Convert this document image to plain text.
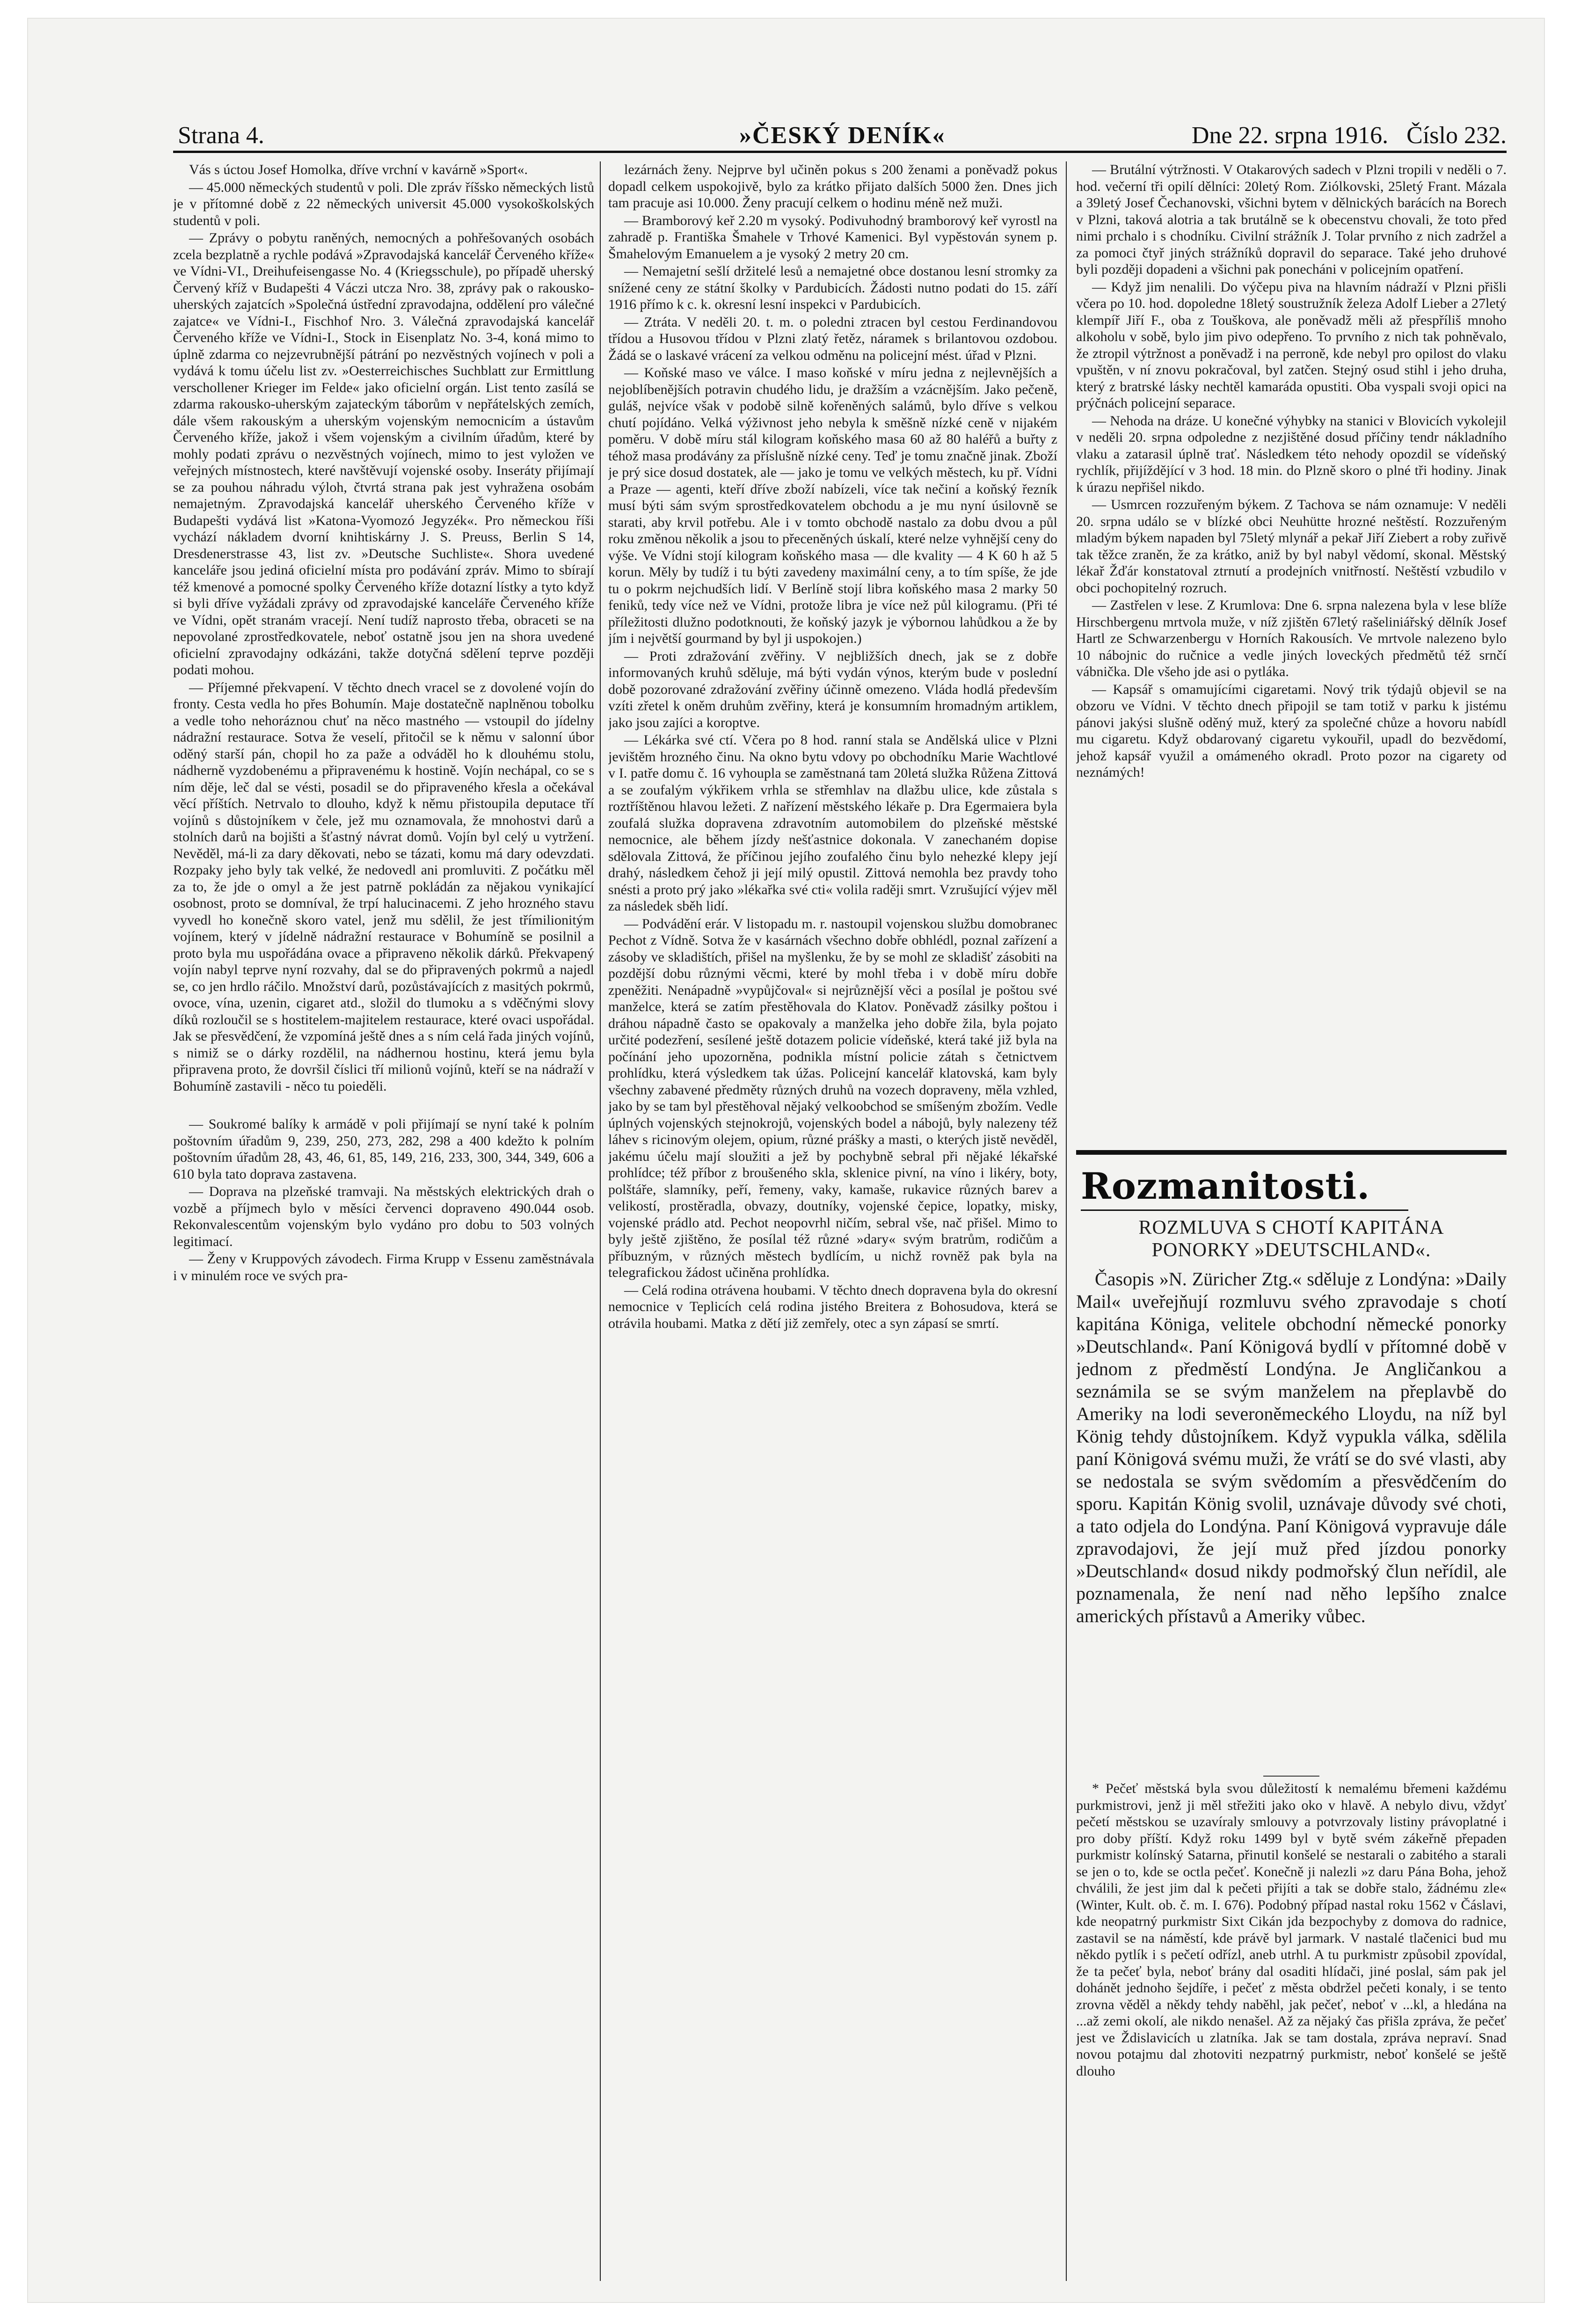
Strana 4.	»ČESKÝ DENÍK«	Dne 22. srpna 1916. Číslo 232.

Vás s úctou Josef Homolka, dříve vrchní v kavárně »Sport«.

— 45.000 německých studentů v poli. Dle zpráv říšsko německých listů je v přítomné době z 22 německých universit 45.000 vysokoškolských studentů v poli.

— Zprávy o pobytu raněných, nemocných a pohřešovaných osobách zcela bezplatně a rychle podává »Zpravodajská kancelář Červeného kříže« ve Vídni-VI., Dreihufeisengasse No. 4 (Kriegsschule), po případě uherský Červený kříž v Budapešti 4 Váczi utcza Nro. 38, zprávy pak o rakousko-uherských zajatcích »Společná ústřední zpravodajna, oddělení pro válečné zajatce« ve Vídni-I., Fischhof Nro. 3. Válečná zpravodajská kancelář Červeného kříže ve Vídni-I., Stock in Eisenplatz No. 3-4, koná mimo to úplně zdarma co nejzevrubnější pátrání po nezvěstných vojínech v poli a vydává k tomu účelu list zv. »Oesterreichisches Suchblatt zur Ermittlung verschollener Krieger im Felde« jako oficielní orgán. List tento zasílá se zdarma rakousko-uherským zajateckým táborům v nepřátelských zemích, dále všem rakouským a uherským vojenským nemocnicím a ústavům Červeného kříže, jakož i všem vojenským a civilním úřadům, které by mohly podati zprávu o nezvěstných vojínech, mimo to jest vyložen ve veřejných místnostech, které navštěvují vojenské osoby. Inseráty přijímají se za pouhou náhradu výloh, čtvrtá strana pak jest vyhražena osobám nemajetným. Zpravodajská kancelář uherského Červeného kříže v Budapešti vydává list »Katona-Vyomozó Jegyzék«. Pro německou říši vychází nákladem dvorní knihtiskárny J. S. Preuss, Berlin S 14, Dresdenerstrasse 43, list zv. »Deutsche Suchliste«. Shora uvedené kanceláře jsou jediná oficielní místa pro podávání zpráv. Mimo to sbírají též kmenové a pomocné spolky Červeného kříže dotazní lístky a tyto když si byli dříve vyžádali zprávy od zpravodajské kanceláře Červeného kříže ve Vídni, opět stranám vracejí. Není tudíž naprosto třeba, obraceti se na nepovolané zprostředkovatele, neboť ostatně jsou jen na shora uvedené oficielní zpravodajny odkázáni, takže dotyčná sdělení teprve později podati mohou.

— Příjemné překvapení. V těchto dnech vracel se z dovolené vojín do fronty. Cesta vedla ho přes Bohumín. Maje dostatečně naplněnou tobolku a vedle toho nehoráznou chuť na něco mastného — vstoupil do jídelny nádražní restaurace. Sotva že veselí, přitočil se k němu v salonní úbor oděný starší pán, chopil ho za paže a odváděl ho k dlouhému stolu, nádherně vyzdobenému a připravenému k hostině. Vojín nechápal, co se s ním děje, leč dal se vésti, posadil se do připraveného křesla a očekával věcí příštích. Netrvalo to dlouho, když k němu přistoupila deputace tří vojínů s důstojníkem v čele, jež mu oznamovala, že mnohostvi darů a stolních darů na bojišti a šťastný návrat domů. Vojín byl celý u vytržení. Nevěděl, má-li za dary děkovati, nebo se tázati, komu má dary odevzdati. Rozpaky jeho byly tak velké, že nedovedl ani promluviti. Z počátku měl za to, že jde o omyl a že jest patrně pokládán za nějakou vynikající osobnost, proto se domníval, že trpí halucinacemi. Z jeho hrozného stavu vyvedl ho konečně skoro vatel, jenž mu sdělil, že jest třímilionitým vojínem, který v jídelně nádražní restaurace v Bohumíně se posilnil a proto byla mu uspořádána ovace a připraveno několik dárků. Překvapený vojín nabyl teprve nyní rozvahy, dal se do připravených pokrmů a najedl se, co jen hrdlo ráčilo. Množství darů, pozůstávajících z masitých pokrmů, ovoce, vína, uzenin, cigaret atd., složil do tlumoku a s vděčnými slovy díků rozloučil se s hostitelem-majitelem restaurace, které ovaci uspořádal. Jak se přesvědčení, že vzpomíná ještě dnes a s ním celá řada jiných vojínů, s nimiž se o dárky rozdělil, na nádhernou hostinu, která jemu byla připravena proto, že dovršil číslici tří milionů vojínů, kteří se na nádraží v Bohumíně zastavili - něco tu poieděli.

— Soukromé balíky k armádě v poli přijímají se nyní také k polním poštovním úřadům 9, 239, 250, 273, 282, 298 a 400 kdežto k polním poštovním úřadům 28, 43, 46, 61, 85, 149, 216, 233, 300, 344, 349, 606 a 610 byla tato doprava zastavena.

— Doprava na plzeňské tramvaji. Na městských elektrických drah o vozbě a příjmech bylo v měsíci červenci dopraveno 490.044 osob. Rekonvalescentům vojenským bylo vydáno pro dobu to 503 volných legitimací.

— Ženy v Kruppových závodech. Firma Krupp v Essenu zaměstnávala i v minulém roce ve svých pra-

lezárnách ženy. Nejprve byl učiněn pokus s 200 ženami a poněvadž pokus dopadl celkem uspokojivě, bylo za krátko přijato dalších 5000 žen. Dnes jich tam pracuje asi 10.000. Ženy pracují celkem o hodinu méně než muži.

— Bramborový keř 2.20 m vysoký. Podivuhodný bramborový keř vyrostl na zahradě p. Františka Šmahele v Trhové Kamenici. Byl vypěstován synem p. Šmahelovým Emanuelem a je vysoký 2 metry 20 cm.

— Nemajetní sešlí držitelé lesů a nemajetné obce dostanou lesní stromky za snížené ceny ze státní školky v Pardubicích. Žádosti nutno podati do 15. září 1916 přímo k c. k. okresní lesní inspekci v Pardubicích.

— Ztráta. V neděli 20. t. m. o poledni ztracen byl cestou Ferdinandovou třídou a Husovou třídou v Plzni zlatý řetěz, náramek s brilantovou ozdobou. Žádá se o laskavé vrácení za velkou odměnu na policejní mést. úřad v Plzni.

— Koňské maso ve válce. I maso koňské v míru jedna z nejlevnějších a nejoblíbenějších potravin chudého lidu, je dražším a vzácnějším. Jako pečeně, guláš, nejvíce však v podobě silně kořeněných salámů, bylo dříve s velkou chutí pojídáno. Velká výživnost jeho nebyla k směšně nízké ceně v nijakém poměru. V době míru stál kilogram koňského masa 60 až 80 haléřů a buřty z téhož masa prodávány za příslušně nízké ceny. Teď je tomu značně jinak. Zboží je prý sice dosud dostatek, ale — jako je tomu ve velkých městech, ku př. Vídni a Praze — agenti, kteří dříve zboží nabízeli, více tak nečiní a koňský řezník musí býti sám svým sprostředkovatelem obchodu a je mu nyní úsilovně se starati, aby krvil potřebu. Ale i v tomto obchodě nastalo za dobu dvou a půl roku změnou několik a jsou to přeceněných úskalí, které nelze vyhnější ceny do výše. Ve Vídni stojí kilogram koňského masa — dle kvality — 4 K 60 h až 5 korun. Měly by tudíž i tu býti zavedeny maximální ceny, a to tím spíše, že jde tu o pokrm nejchudších lidí. V Berlíně stojí libra koňského masa 2 marky 50 feniků, tedy více než ve Vídni, protože libra je více než půl kilogramu. (Při té příležitosti dlužno podotknouti, že koňský jazyk je výbornou lahůdkou a že by jím i největší gourmand by byl ji uspokojen.)

— Proti zdražování zvěřiny. V nejbližších dnech, jak se z dobře informovaných kruhů sděluje, má býti vydán výnos, kterým bude v poslední době pozorované zdražování zvěřiny účinně omezeno. Vláda hodlá především vzíti zřetel k oněm druhům zvěřiny, která je konsumním hromadným artiklem, jako jsou zajíci a koroptve.

— Lékárka své ctí. Včera po 8 hod. ranní stala se Andělská ulice v Plzni jevištěm hrozného činu. Na okno bytu vdovy po obchodníku Marie Wachtlové v I. patře domu č. 16 vyhoupla se zaměstnaná tam 20letá služka Růžena Zittová a se zoufalým výkřikem vrhla se střemhlav na dlažbu ulice, kde zůstala s roztříštěnou hlavou ležeti. Z nařízení městského lékaře p. Dra Egermaiera byla zoufalá služka dopravena zdravotním automobilem do plzeňské městské nemocnice, ale během jízdy nešťastnice dokonala. V zanechaném dopise sdělovala Zittová, že příčinou jejího zoufalého činu bylo nehezké klepy její drahý, následkem čehož ji její milý opustil. Zittová nemohla bez pravdy toho snésti a proto prý jako »lékařka své cti« volila raději smrt. Vzrušující výjev měl za následek sběh lidí.

— Podvádění erár. V listopadu m. r. nastoupil vojenskou službu domobranec Pechot z Vídně. Sotva že v kasárnách všechno dobře obhlédl, poznal zařízení a zásoby ve skladištích, přišel na myšlenku, že by se mohl ze skladišť zásobiti na pozdější dobu různými věcmi, které by mohl třeba i v době míru dobře zpeněžiti. Nenápadně »vypůjčoval« si nejrůznější věci a posílal je poštou své manželce, která se zatím přestěhovala do Klatov. Poněvadž zásilky poštou i dráhou nápadně často se opakovaly a manželka jeho dobře žila, byla pojato určité podezření, sesílené ještě dotazem policie vídeňské, která také již byla na počínání jeho upozorněna, podnikla místní policie zátah s četnictvem prohlídku, která výsledkem tak úžas. Policejní kancelář klatovská, kam byly všechny zabavené předměty různých druhů na vozech dopraveny, měla vzhled, jako by se tam byl přestěhoval nějaký velkoobchod se smíšeným zbožím. Vedle úplných vojenských stejnokrojů, vojenských bodel a nábojů, byly nalezeny též láhev s ricinovým olejem, opium, různé prášky a masti, o kterých jistě nevěděl, jakému účelu mají sloužiti a jež by pochybně sebral při nějaké lékařské prohlídce; též příbor z broušeného skla, sklenice pivní, na víno i likéry, boty, polštáře, slamníky, peří, řemeny, vaky, kamaše, rukavice různých barev a velikostí, prostěradla, obvazy, doutníky, vojenské čepice, lopatky, misky, vojenské prádlo atd. Pechot neopovrhl ničím, sebral vše, nač přišel. Mimo to byly ještě zjištěno, že posílal též různé »dary« svým bratrům, rodičům a příbuzným, v různých městech bydlícím, u nichž rovněž pak byla na telegrafickou žádost učiněna prohlídka.

— Celá rodina otrávena houbami. V těchto dnech dopravena byla do okresní nemocnice v Teplicích celá rodina jistého Breitera z Bohosudova, která se otrávila houbami. Matka z dětí již zemřely, otec a syn zápasí se smrtí.

— Brutální výtržnosti. V Otakarových sadech v Plzni tropili v neděli o 7. hod. večerní tři opilí dělníci: 20letý Rom. Ziólkovski, 25letý Frant. Mázala a 39letý Josef Čechanovski, všichni bytem v dělnických barácích na Borech v Plzni, taková alotria a tak brutálně se k obecenstvu chovali, že toto před nimi prchalo i s chodníku. Civilní strážník J. Tolar prvního z nich zadržel a za pomoci čtyř jiných strážníků dopravil do separace. Také jeho druhové byli později dopadeni a všichni pak ponecháni v policejním opatření.

— Když jim nenalili. Do výčepu piva na hlavním nádraží v Plzni přišli včera po 10. hod. dopoledne 18letý soustružník železa Adolf Lieber a 27letý klempíř Jiří F., oba z Touškova, ale poněvadž měli až přespříliš mnoho alkoholu v sobě, bylo jim pivo odepřeno. To prvního z nich tak pohněvalo, že ztropil výtržnost a poněvadž i na perroně, kde nebyl pro opilost do vlaku vpuštěn, v ní znovu pokračoval, byl zatčen. Stejný osud stihl i jeho druha, který z bratrské lásky nechtěl kamaráda opustiti. Oba vyspali svoji opici na prýčnách policejní separace.

— Nehoda na dráze. U konečné výhybky na stanici v Blovicích vykolejil v neděli 20. srpna odpoledne z nezjištěné dosud příčiny tendr nákladního vlaku a zatarasil úplně trať. Následkem této nehody opozdil se vídeňský rychlík, přijíždějící v 3 hod. 18 min. do Plzně skoro o plné tři hodiny. Jinak k úrazu nepřišel nikdo.

— Usmrcen rozzuřeným býkem. Z Tachova se nám oznamuje: V neděli 20. srpna událo se v blízké obci Neuhütte hrozné neštěstí. Rozzuřeným mladým býkem napaden byl 75letý mlynář a pekař Jiří Ziebert a roby zuřivě tak těžce zraněn, že za krátko, aniž by byl nabyl vědomí, skonal. Městský lékař Žďár konstatoval ztrnutí a prodejních vnitřností. Neštěstí vzbudilo v obci pochopitelný rozruch.

— Zastřelen v lese. Z Krumlova: Dne 6. srpna nalezena byla v lese blíže Hirschbergenu mrtvola muže, v níž zjištěn 67letý rašeliniářský dělník Josef Hartl ze Schwarzenbergu v Horních Rakousích. Ve mrtvole nalezeno bylo 10 nábojnic do ručnice a vedle jiných loveckých předmětů též srnčí vábnička. Dle všeho jde asi o pytláka.

— Kapsář s omamujícími cigaretami. Nový trik týdajů objevil se na obzoru ve Vídni. V těchto dnech připojil se tam totiž v parku k jistému pánovi jakýsi slušně oděný muž, který za společné chůze a hovoru nabídl mu cigaretu. Když obdarovaný cigaretu vykouřil, upadl do bezvědomí, jehož kapsář využil a omámeného okradl. Proto pozor na cigarety od neznámých!

Rozmanitosti.
ROZMLUVA S CHOTÍ KAPITÁNA
PONORKY »DEUTSCHLAND«.

Časopis »N. Züricher Ztg.« sděluje z Londýna: »Daily Mail« uveřejňují rozmluvu svého zpravodaje s chotí kapitána Königa, velitele obchodní německé ponorky »Deutschland«. Paní Königová bydlí v přítomné době v jednom z předměstí Londýna. Je Angličankou a seznámila se se svým manželem na přeplavbě do Ameriky na lodi severoněmeckého Lloydu, na níž byl König tehdy důstojníkem. Když vypukla válka, sdělila paní Königová svému muži, že vrátí se do své vlasti, aby se nedostala se svým svědomím a přesvědčením do sporu. Kapitán König svolil, uznávaje důvody své choti, a tato odjela do Londýna. Paní Königová vypravuje dále zpravodajovi, že její muž před jízdou ponorky »Deutschland« dosud nikdy podmořský člun neřídil, ale poznamenala, že není nad něho lepšího znalce amerických přístavů a Ameriky vůbec.

* Pečeť městská byla svou důležitostí k nemalému břemeni každému purkmistrovi, jenž ji měl střežiti jako oko v hlavě. A nebylo divu, vždyť pečetí městskou se uzavíraly smlouvy a potvrzovaly listiny právoplatné i pro doby příští. Když roku 1499 byl v bytě svém zákeřně přepaden purkmistr kolínský Satarna, přinutil konšelé se nestarali o zabitého a starali se jen o to, kde se octla pečeť. Konečně ji nalezli »z daru Pána Boha, jehož chválili, že jest jim dal k pečeti přijíti a tak se dobře stalo, žádnému zle« (Winter, Kult. ob. č. m. I. 676). Podobný případ nastal roku 1562 v Čáslavi, kde neopatrný purkmistr Sixt Cikán jda bezpochyby z domova do radnice, zastavil se na náměstí, kde právě byl jarmark. V nastalé tlačenici bud mu někdo pytlík i s pečetí odřízl, aneb utrhl. A tu purkmistr způsobil zpovídal, že ta pečeť byla, neboť brány dal osaditi hlídači, jiné poslal, sám pak jel dohánět jednoho šejdíře, i pečeť z města obdržel pečeti konaly, i se tento zrovna věděl a někdy tehdy naběhl, jak pečeť, neboť v ...kl, a hledána na ...až zemi okolí, ale nikdo nenašel. Až za nějaký čas přišla zpráva, že pečeť jest ve Ždislavicích u zlatníka. Jak se tam dostala, zpráva nepraví. Snad novou potajmu dal zhotoviti nezpatrný purkmistr, neboť konšelé se ještě dlouho
